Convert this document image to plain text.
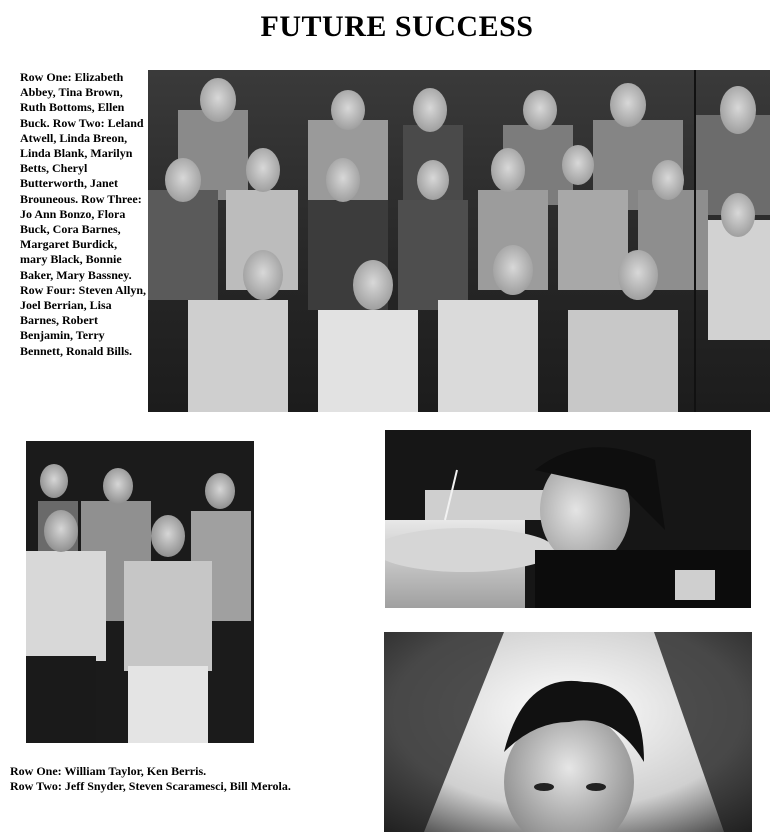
FUTURE SUCCESS
Row One: Elizabeth Abbey, Tina Brown, Ruth Bottoms, Ellen Buck. Row Two: Leland Atwell, Linda Breon, Linda Blank, Marilyn Betts, Cheryl Butterworth, Janet Brouneous. Row Three: Jo Ann Bonzo, Flora Buck, Cora Barnes, Margaret Burdick, mary Black, Bonnie Baker, Mary Bassney. Row Four: Steven Allyn, Joel Berrian, Lisa Barnes, Robert Benjamin, Terry Bennett, Ronald Bills.
Row One: William Taylor, Ken Berris.
Row Two: Jeff Snyder, Steven Scaramesci, Bill Merola.
